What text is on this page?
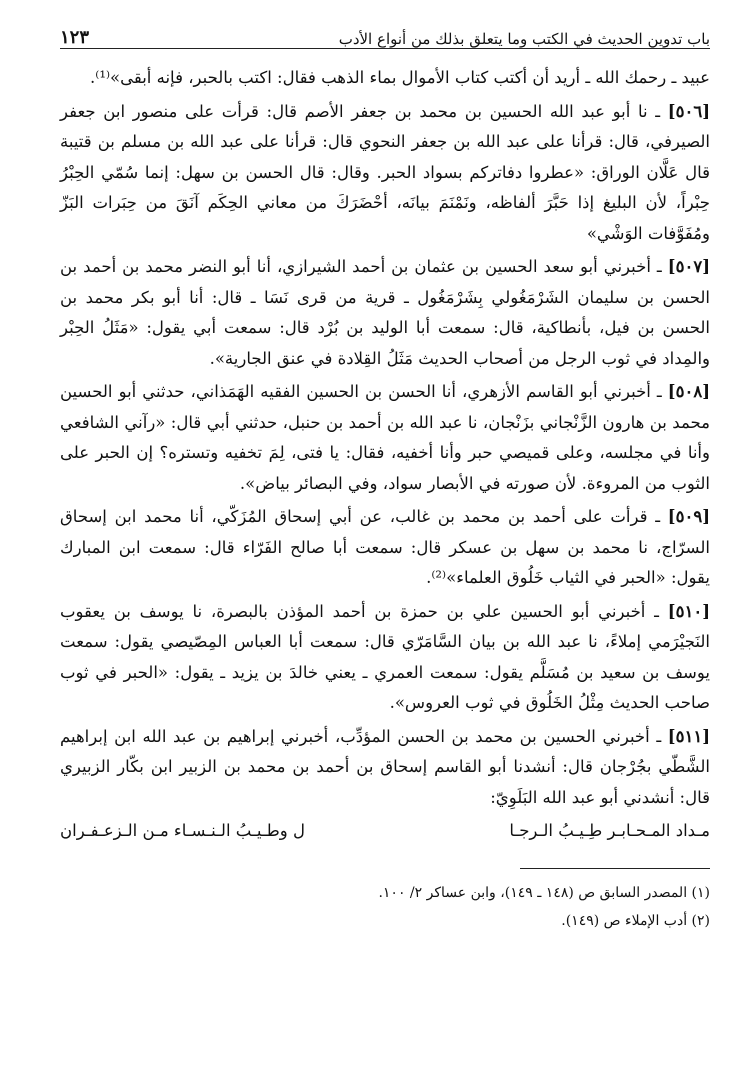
باب تدوين الحديث في الكتب وما يتعلق بذلك من أنواع الأدب
١٢٣

عبيد ـ رحمك الله ـ أريد أن أكتب كتاب الأموال بماء الذهب فقال: اكتب بالحبر، فإنه أبقى»⁽¹⁾.

[٥٠٦] ـ نا أبو عبد الله الحسين بن محمد بن جعفر الأصم قال: قرأت على منصور ابن جعفر الصيرفي، قال: قرأنا على عبد الله بن جعفر النحوي قال: قرأنا على عبد الله بن مسلم بن قتيبة قال عَلَّان الوراق: «عطروا دفاتركم بسواد الحبر. وقال: قال الحسن بن سهل: إنما سُمّي الحِبْرُ حِبْراً، لأن البليغ إذا حَبَّرَ ألفاظه، ونَمْنَمَ بيانَه، أحْضَرَكَ من معاني الحِكَم آنَقَ من حِبَرات البَزّ ومُفَوَّفات الوَشْي»

[٥٠٧] ـ أخبرني أبو سعد الحسين بن عثمان بن أحمد الشيرازي، أنا أبو النضر محمد بن أحمد بن الحسن بن سليمان الشَرْمَغُولي بِشَرْمَغُول ـ قرية من قرى نَسَا ـ قال: أنا أبو بكر محمد بن الحسن بن فيل، بأنطاكية، قال: سمعت أبا الوليد بن بُرْد قال: سمعت أبي يقول: «مَثَلُ الحِبْر والمِداد في ثوب الرجل من أصحاب الحديث مَثَلُ القِلادة في عنق الجارية».

[٥٠٨] ـ أخبرني أبو القاسم الأزهري، أنا الحسن بن الحسين الفقيه الهَمَذاني، حدثني أبو الحسين محمد بن هارون الزَّنْجاني بزَنْجان، نا عبد الله بن أحمد بن حنبل، حدثني أبي قال: «رآني الشافعي وأنا في مجلسه، وعلى قميصي حبر وأنا أخفيه، فقال: يا فتى، لِمَ تخفيه وتستره؟ إن الحبر على الثوب من المروءة. لأن صورته في الأبصار سواد، وفي البصائر بياض».

[٥٠٩] ـ قرأت على أحمد بن محمد بن غالب، عن أبي إسحاق المُزَكّي، أنا محمد ابن إسحاق السرّاج، نا محمد بن سهل بن عسكر قال: سمعت أبا صالح الفَرّاء قال: سمعت ابن المبارك يقول: «الحبر في الثياب خَلُوق العلماء»⁽²⁾.

[٥١٠] ـ أخبرني أبو الحسين علي بن حمزة بن أحمد المؤذن بالبصرة، نا يوسف بن يعقوب النَجيْرَمي إملاءً، نا عبد الله بن بيان السَّامَرّي قال: سمعت أبا العباس المِصّيصي يقول: سمعت يوسف بن سعيد بن مُسَلَّم يقول: سمعت العمري ـ يعني خالدَ بن يزيد ـ يقول: «الحبر في ثوب صاحب الحديث مِثْلُ الخَلُوق في ثوب العروس».

[٥١١] ـ أخبرني الحسين بن محمد بن الحسن المؤدِّب، أخبرني إبراهيم بن عبد الله ابن إبراهيم الشَّطّي بجُرْجان قال: أنشدنا أبو القاسم إسحاق بن أحمد بن محمد بن الزبير ابن بكّار الزبيري قال: أنشدني أبو عبد الله البَلَوِيّ:

مـداد المـحـابـر طِـيـبُ الـرجـا
ل وطـيـبُ الـنـسـاء مـن الـزعـفـران
(١) المصدر السابق ص (١٤٨ ـ ١٤٩)، وابن عساكر ٢/ ١٠٠.
(٢) أدب الإملاء ص (١٤٩).
